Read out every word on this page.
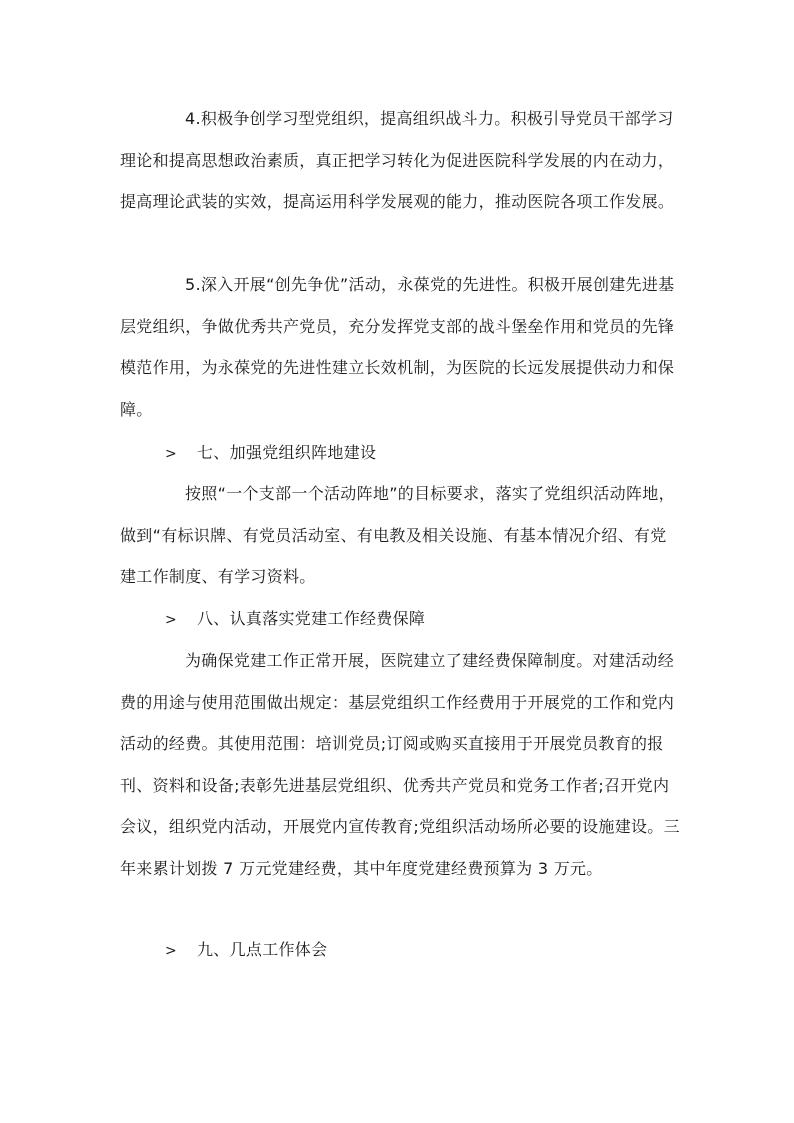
4.积极争创学习型党组织，提高组织战斗力。积极引导党员干部学习理论和提高思想政治素质，真正把学习转化为促进医院科学发展的内在动力，提高理论武装的实效，提高运用科学发展观的能力，推动医院各项工作发展。
5.深入开展“创先争优”活动，永葆党的先进性。积极开展创建先进基层党组织，争做优秀共产党员，充分发挥党支部的战斗堡垒作用和党员的先锋模范作用，为永葆党的先进性建立长效机制，为医院的长远发展提供动力和保障。
> 七、加强党组织阵地建设
按照“一个支部一个活动阵地”的目标要求，落实了党组织活动阵地，做到“有标识牌、有党员活动室、有电教及相关设施、有基本情况介绍、有党建工作制度、有学习资料。
> 八、认真落实党建工作经费保障
为确保党建工作正常开展，医院建立了建经费保障制度。对建活动经费的用途与使用范围做出规定：基层党组织工作经费用于开展党的工作和党内活动的经费。其使用范围：培训党员;订阅或购买直接用于开展党员教育的报刊、资料和设备;表彰先进基层党组织、优秀共产党员和党务工作者;召开党内会议，组织党内活动，开展党内宣传教育;党组织活动场所必要的设施建设。三年来累计划拨 7 万元党建经费，其中年度党建经费预算为 3 万元。
> 九、几点工作体会
